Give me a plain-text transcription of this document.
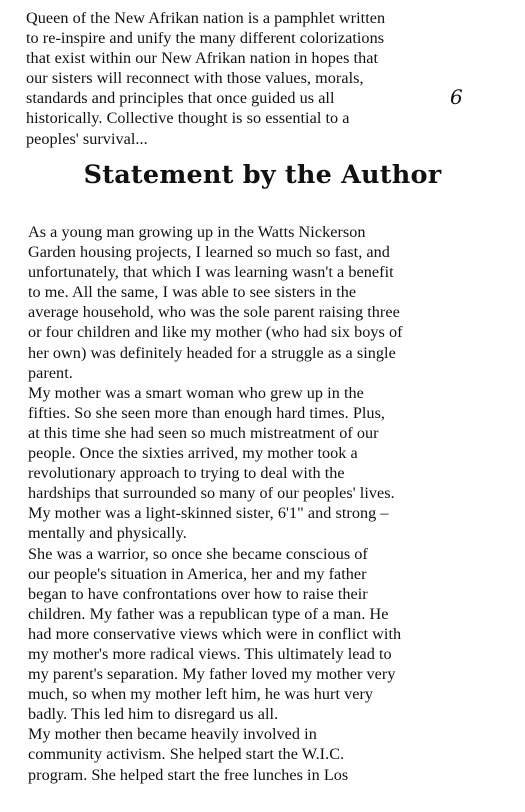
Queen of the New Afrikan nation is a pamphlet written
to re-inspire and unify the many different colorizations
that exist within our New Afrikan nation in hopes that
our sisters will reconnect with those values, morals,
standards and principles that once guided us all
historically. Collective thought is so essential to a
peoples' survival...
6
Statement by the Author
As a young man growing up in the Watts Nickerson
Garden housing projects, I learned so much so fast, and
unfortunately, that which I was learning wasn't a benefit
to me. All the same, I was able to see sisters in the
average household, who was the sole parent raising three
or four children and like my mother (who had six boys of
her own) was definitely headed for a struggle as a single
parent.
My mother was a smart woman who grew up in the
fifties. So she seen more than enough hard times. Plus,
at this time she had seen so much mistreatment of our
people. Once the sixties arrived, my mother took a
revolutionary approach to trying to deal with the
hardships that surrounded so many of our peoples' lives.
My mother was a light-skinned sister, 6'1" and strong –
mentally and physically.
She was a warrior, so once she became conscious of
our people's situation in America, her and my father
began to have confrontations over how to raise their
children. My father was a republican type of a man. He
had more conservative views which were in conflict with
my mother's more radical views. This ultimately lead to
my parent's separation. My father loved my mother very
much, so when my mother left him, he was hurt very
badly. This led him to disregard us all.
My mother then became heavily involved in
community activism. She helped start the W.I.C.
program. She helped start the free lunches in Los
